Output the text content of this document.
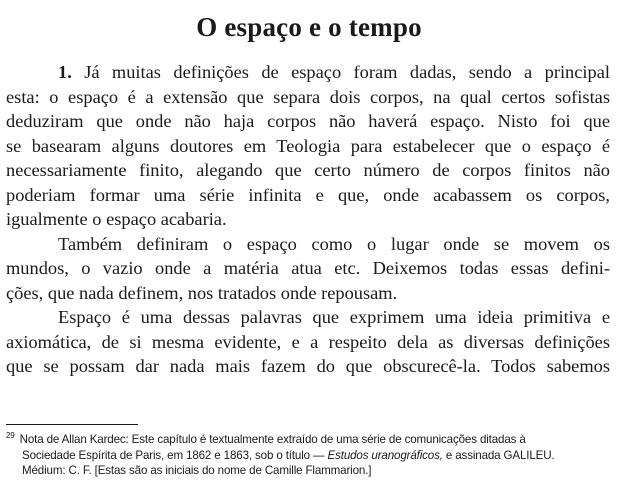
O espaço e o tempo
1. Já muitas definições de espaço foram dadas, sendo a principal
esta: o espaço é a extensão que separa dois corpos, na qual certos sofistas
deduziram que onde não haja corpos não haverá espaço. Nisto foi que
se basearam alguns doutores em Teologia para estabelecer que o espaço é
necessariamente finito, alegando que certo número de corpos finitos não
poderiam formar uma série infinita e que, onde acabassem os corpos,
igualmente o espaço acabaria.
Também definiram o espaço como o lugar onde se movem os
mundos, o vazio onde a matéria atua etc. Deixemos todas essas defini-
ções, que nada definem, nos tratados onde repousam.
Espaço é uma dessas palavras que exprimem uma ideia primitiva e
axiomática, de si mesma evidente, e a respeito dela as diversas definições
que se possam dar nada mais fazem do que obscurecê-la. Todos sabemos
$^{29}$ Nota de Allan Kardec: Este capítulo é textualmente extraído de uma série de comunicações ditadas à
Sociedade Espírita de Paris, em 1862 e 1863, sob o título — Estudos uranográficos, e assinada GALILEU.
Médium: C. F. [Estas são as iniciais do nome de Camille Flammarion.]
